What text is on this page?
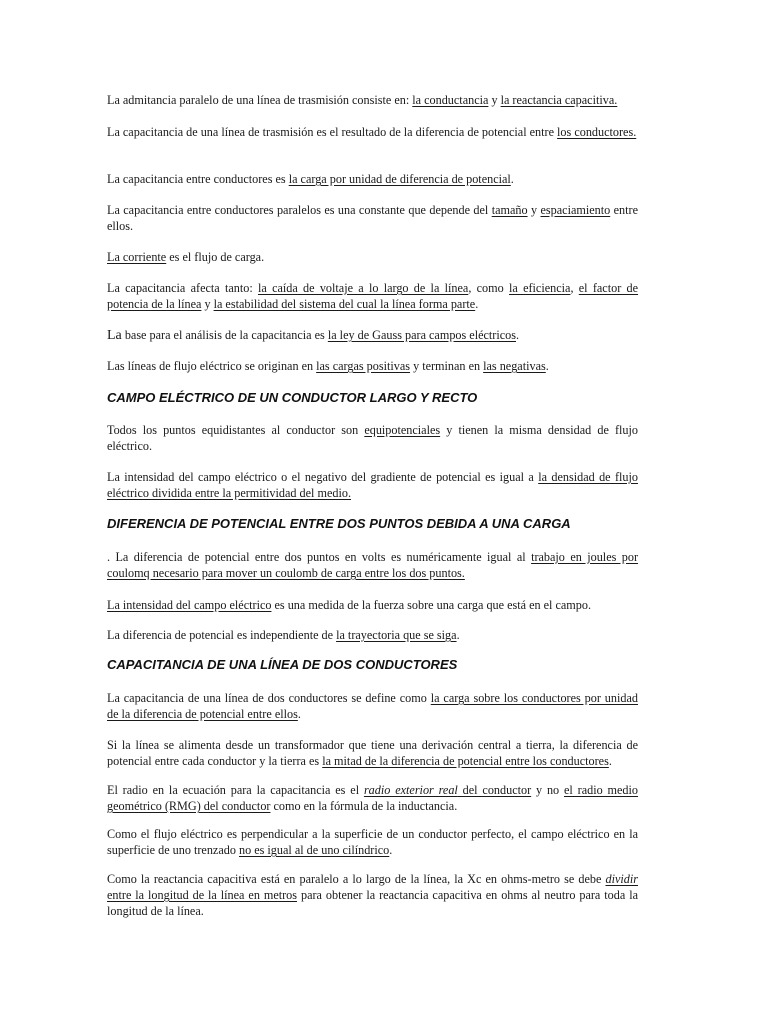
La admitancia paralelo de una línea de trasmisión consiste en: la conductancia y la reactancia capacitiva.

La capacitancia de una línea de trasmisión es el resultado de la diferencia de potencial entre los conductores.

La capacitancia entre conductores es la carga por unidad de diferencia de potencial.

La capacitancia entre conductores paralelos es una constante que depende del tamaño y espaciamiento entre ellos.

La corriente es el flujo de carga.

La capacitancia afecta tanto: la caída de voltaje a lo largo de la línea, como la eficiencia, el factor de potencia de la línea y la estabilidad del sistema del cual la línea forma parte.

La base para el análisis de la capacitancia es la ley de Gauss para campos eléctricos.

Las líneas de flujo eléctrico se originan en las cargas positivas y terminan en las negativas.

CAMPO ELÉCTRICO DE UN CONDUCTOR LARGO Y RECTO

Todos los puntos equidistantes al conductor son equipotenciales y tienen la misma densidad de flujo eléctrico.

La intensidad del campo eléctrico o el negativo del gradiente de potencial es igual a la densidad de flujo eléctrico dividida entre la permitividad del medio.

DIFERENCIA DE POTENCIAL ENTRE DOS PUNTOS DEBIDA A UNA CARGA

. La diferencia de potencial entre dos puntos en volts es numéricamente igual al trabajo en joules por coulomq necesario para mover un coulomb de carga entre los dos puntos.

La intensidad del campo eléctrico es una medida de la fuerza sobre una carga que está en el campo.

La diferencia de potencial es independiente de la trayectoria que se siga.

CAPACITANCIA DE UNA LÍNEA DE DOS CONDUCTORES

La capacitancia de una línea de dos conductores se define como la carga sobre los conductores por unidad de la diferencia de potencial entre ellos.

Si la línea se alimenta desde un transformador que tiene una derivación central a tierra, la diferencia de potencial entre cada conductor y la tierra es la mitad de la diferencia de potencial entre los conductores.

El radio en la ecuación para la capacitancia es el radio exterior real del conductor y no el radio medio geométrico (RMG) del conductor como en la fórmula de la inductancia.

Como el flujo eléctrico es perpendicular a la superficie de un conductor perfecto, el campo eléctrico en la superficie de uno trenzado no es igual al de uno cilíndrico.

Como la reactancia capacitiva está en paralelo a lo largo de la línea, la Xc en ohms-metro se debe dividir entre la longitud de la línea en metros para obtener la reactancia capacitiva en ohms al neutro para toda la longitud de la línea.
